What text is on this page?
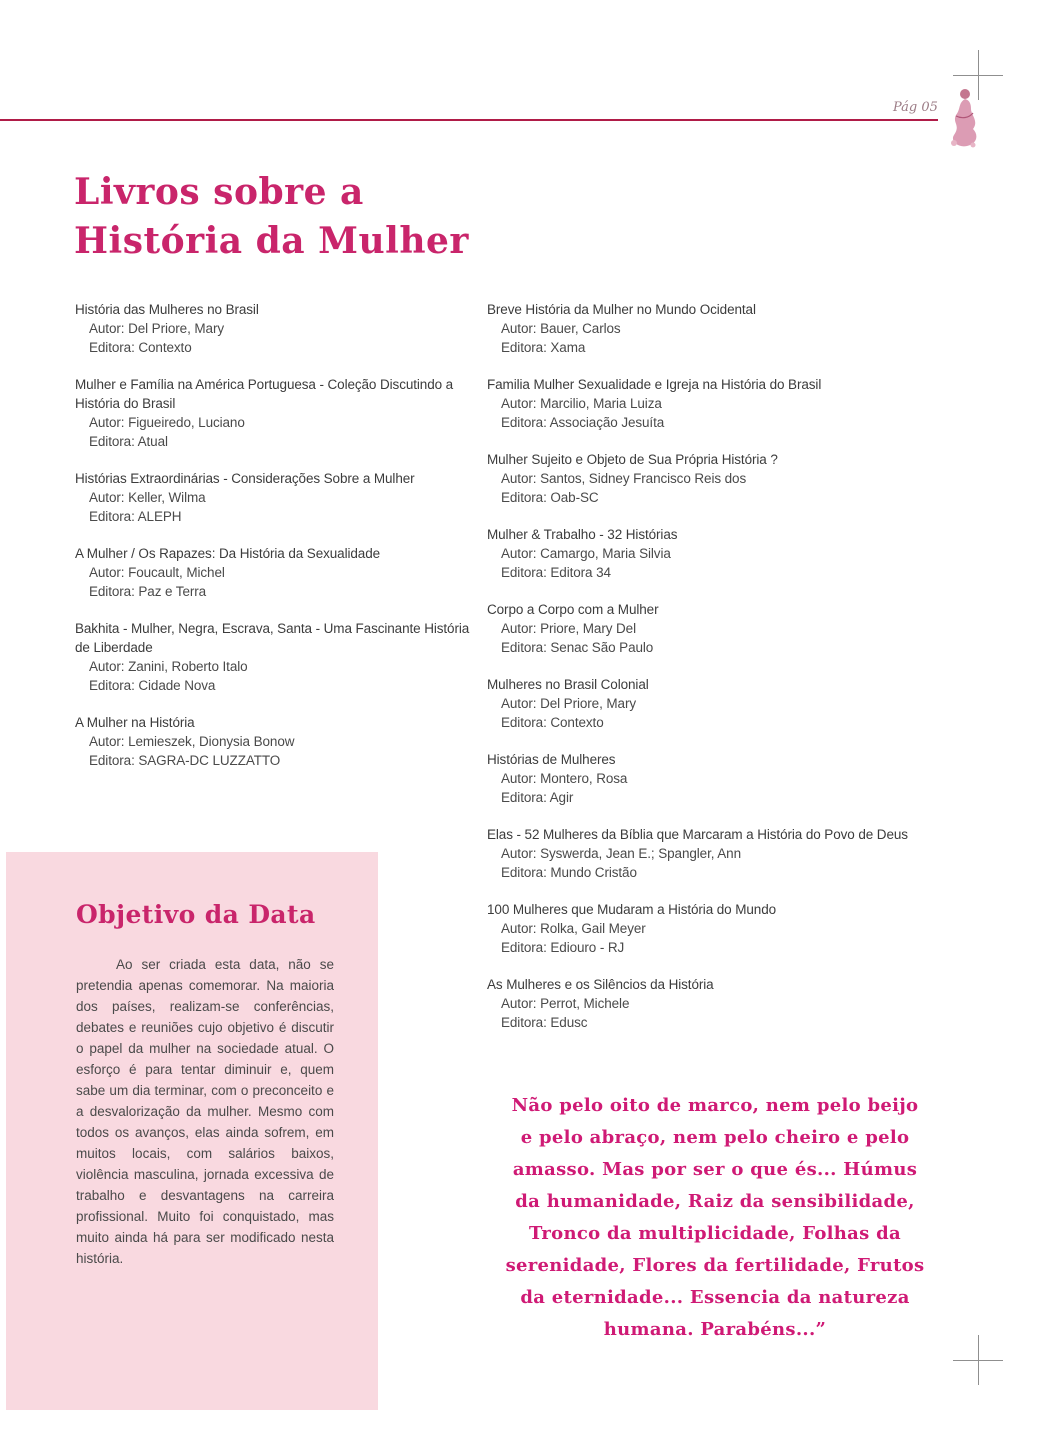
Pág 05
Livros sobre a
História da Mulher
História das Mulheres no Brasil
Autor: Del Priore, Mary
Editora: Contexto
Mulher e Família na América Portuguesa - Coleção Discutindo a História do Brasil
Autor: Figueiredo, Luciano
Editora: Atual
Histórias Extraordinárias - Considerações Sobre a Mulher
Autor: Keller, Wilma
Editora: ALEPH
A Mulher / Os Rapazes: Da História da Sexualidade
Autor: Foucault, Michel
Editora: Paz e Terra
Bakhita - Mulher, Negra, Escrava, Santa - Uma Fascinante História de Liberdade
Autor: Zanini, Roberto Italo
Editora: Cidade Nova
A Mulher na História
Autor: Lemieszek, Dionysia Bonow
Editora: SAGRA-DC LUZZATTO
Breve História da Mulher no Mundo Ocidental
Autor: Bauer, Carlos
Editora: Xama
Familia Mulher Sexualidade e Igreja na História do Brasil
Autor: Marcilio, Maria Luiza
Editora: Associação Jesuíta
Mulher Sujeito e Objeto de Sua Própria História ?
Autor: Santos, Sidney Francisco Reis dos
Editora: Oab-SC
Mulher & Trabalho - 32 Histórias
Autor: Camargo, Maria Silvia
Editora: Editora 34
Corpo a Corpo com a Mulher
Autor: Priore, Mary Del
Editora: Senac São Paulo
Mulheres no Brasil Colonial
Autor: Del Priore, Mary
Editora: Contexto
Histórias de Mulheres
Autor: Montero, Rosa
Editora: Agir
Elas - 52 Mulheres da Bíblia que Marcaram a História do Povo de Deus
Autor: Syswerda, Jean E.; Spangler, Ann
Editora: Mundo Cristão
100 Mulheres que Mudaram a História do Mundo
Autor: Rolka, Gail Meyer
Editora: Ediouro - RJ
As Mulheres e os Silêncios da História
Autor: Perrot, Michele
Editora: Edusc
Objetivo da Data

Ao ser criada esta data, não se pretendia apenas comemorar. Na maioria dos países, realizam-se conferências, debates e reuniões cujo objetivo é discutir o papel da mulher na sociedade atual. O esforço é para tentar diminuir e, quem sabe um dia terminar, com o preconceito e a desvalorização da mulher. Mesmo com todos os avanços, elas ainda sofrem, em muitos locais, com salários baixos, violência masculina, jornada excessiva de trabalho e desvantagens na carreira profissional. Muito foi conquistado, mas muito ainda há para ser modificado nesta história.

Não pelo oito de marco, nem pelo beijo
e pelo abraço, nem pelo cheiro e pelo
amasso. Mas por ser o que és... Húmus
da humanidade, Raiz da sensibilidade,
Tronco da multiplicidade, Folhas da
serenidade, Flores da fertilidade, Frutos
da eternidade... Essencia da natureza
humana. Parabéns...”
